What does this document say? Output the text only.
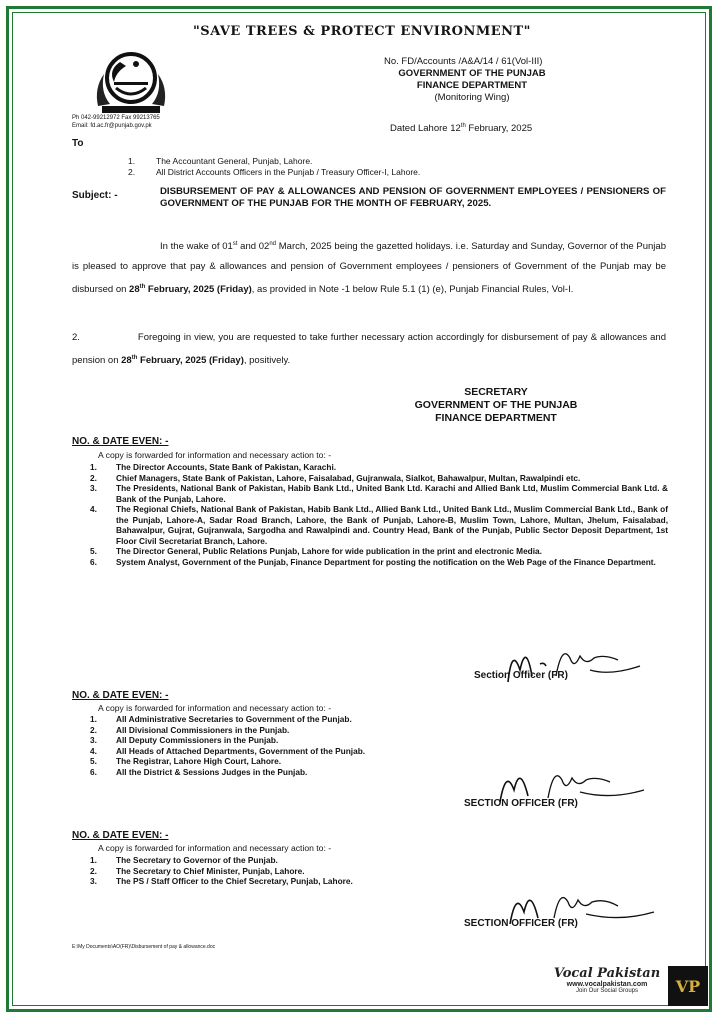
"SAVE TREES & PROTECT ENVIRONMENT"
Ph 042-99212972 Fax 99213765
Email: fd.ac.fr@punjab.gov.pk
No. FD/Accounts /A&A/14 / 61(Vol-III)
GOVERNMENT OF THE PUNJAB
FINANCE DEPARTMENT
(Monitoring Wing)
Dated Lahore 12th February, 2025
To
1. The Accountant General, Punjab, Lahore.
2. All District Accounts Officers in the Punjab / Treasury Officer-I, Lahore.
Subject: -	DISBURSEMENT OF PAY & ALLOWANCES AND PENSION OF GOVERNMENT EMPLOYEES / PENSIONERS OF GOVERNMENT OF THE PUNJAB FOR THE MONTH OF FEBRUARY, 2025.
In the wake of 01st and 02nd March, 2025 being the gazetted holidays. i.e. Saturday and Sunday, Governor of the Punjab is pleased to approve that pay & allowances and pension of Government employees / pensioners of Government of the Punjab may be disbursed on 28th February, 2025 (Friday), as provided in Note -1 below Rule 5.1 (1) (e), Punjab Financial Rules, Vol-I.
2.                   Foregoing in view, you are requested to take further necessary action accordingly for disbursement of pay & allowances and pension on 28th February, 2025 (Friday), positively.
SECRETARY
GOVERNMENT OF THE PUNJAB
FINANCE DEPARTMENT
NO. & DATE EVEN: -
A copy is forwarded for information and necessary action to: -
1.	The Director Accounts, State Bank of Pakistan, Karachi.
2.	Chief Managers, State Bank of Pakistan, Lahore, Faisalabad, Gujranwala, Sialkot, Bahawalpur, Multan, Rawalpindi etc.
3.	The Presidents, National Bank of Pakistan, Habib Bank Ltd., United Bank Ltd. Karachi and Allied Bank Ltd, Muslim Commercial Bank Ltd. & Bank of the Punjab, Lahore.
4.	The Regional Chiefs, National Bank of Pakistan, Habib Bank Ltd., Allied Bank Ltd., United Bank Ltd., Muslim Commercial Bank Ltd., Bank of the Punjab, Lahore-A, Sadar Road Branch, Lahore, the Bank of Punjab, Lahore-B, Muslim Town, Lahore, Multan, Jhelum, Faisalabad, Bahawalpur, Gujrat, Gujranwala, Sargodha and Rawalpindi and. Country Head, Bank of the Punjab, Public Sector Deposit Department, 1st Floor Civil Secretariat Branch, Lahore.
5.	The Director General, Public Relations Punjab, Lahore for wide publication in the print and electronic Media.
6.	System Analyst, Government of the Punjab, Finance Department for posting the notification on the Web Page of the Finance Department.
Section Officer (FR)
NO. & DATE EVEN: -
A copy is forwarded for information and necessary action to: -
1.	All Administrative Secretaries to Government of the Punjab.
2.	All Divisional Commissioners in the Punjab.
3.	All Deputy Commissioners in the Punjab.
4.	All Heads of Attached Departments, Government of the Punjab.
5.	The Registrar, Lahore High Court, Lahore.
6.	All the District & Sessions Judges in the Punjab.
SECTION OFFICER (FR)
NO. & DATE EVEN: -
A copy is forwarded for information and necessary action to: -
1.	The Secretary to Governor of the Punjab.
2.	The Secretary to Chief Minister, Punjab, Lahore.
3.	The PS / Staff Officer to the Chief Secretary, Punjab, Lahore.
SECTION OFFICER (FR)
E:\My Documents\AO(FR)\Disbursement of pay & allowance.doc
Vocal Pakistan
www.vocalpakistan.com
Join Our Social Groups	VP
